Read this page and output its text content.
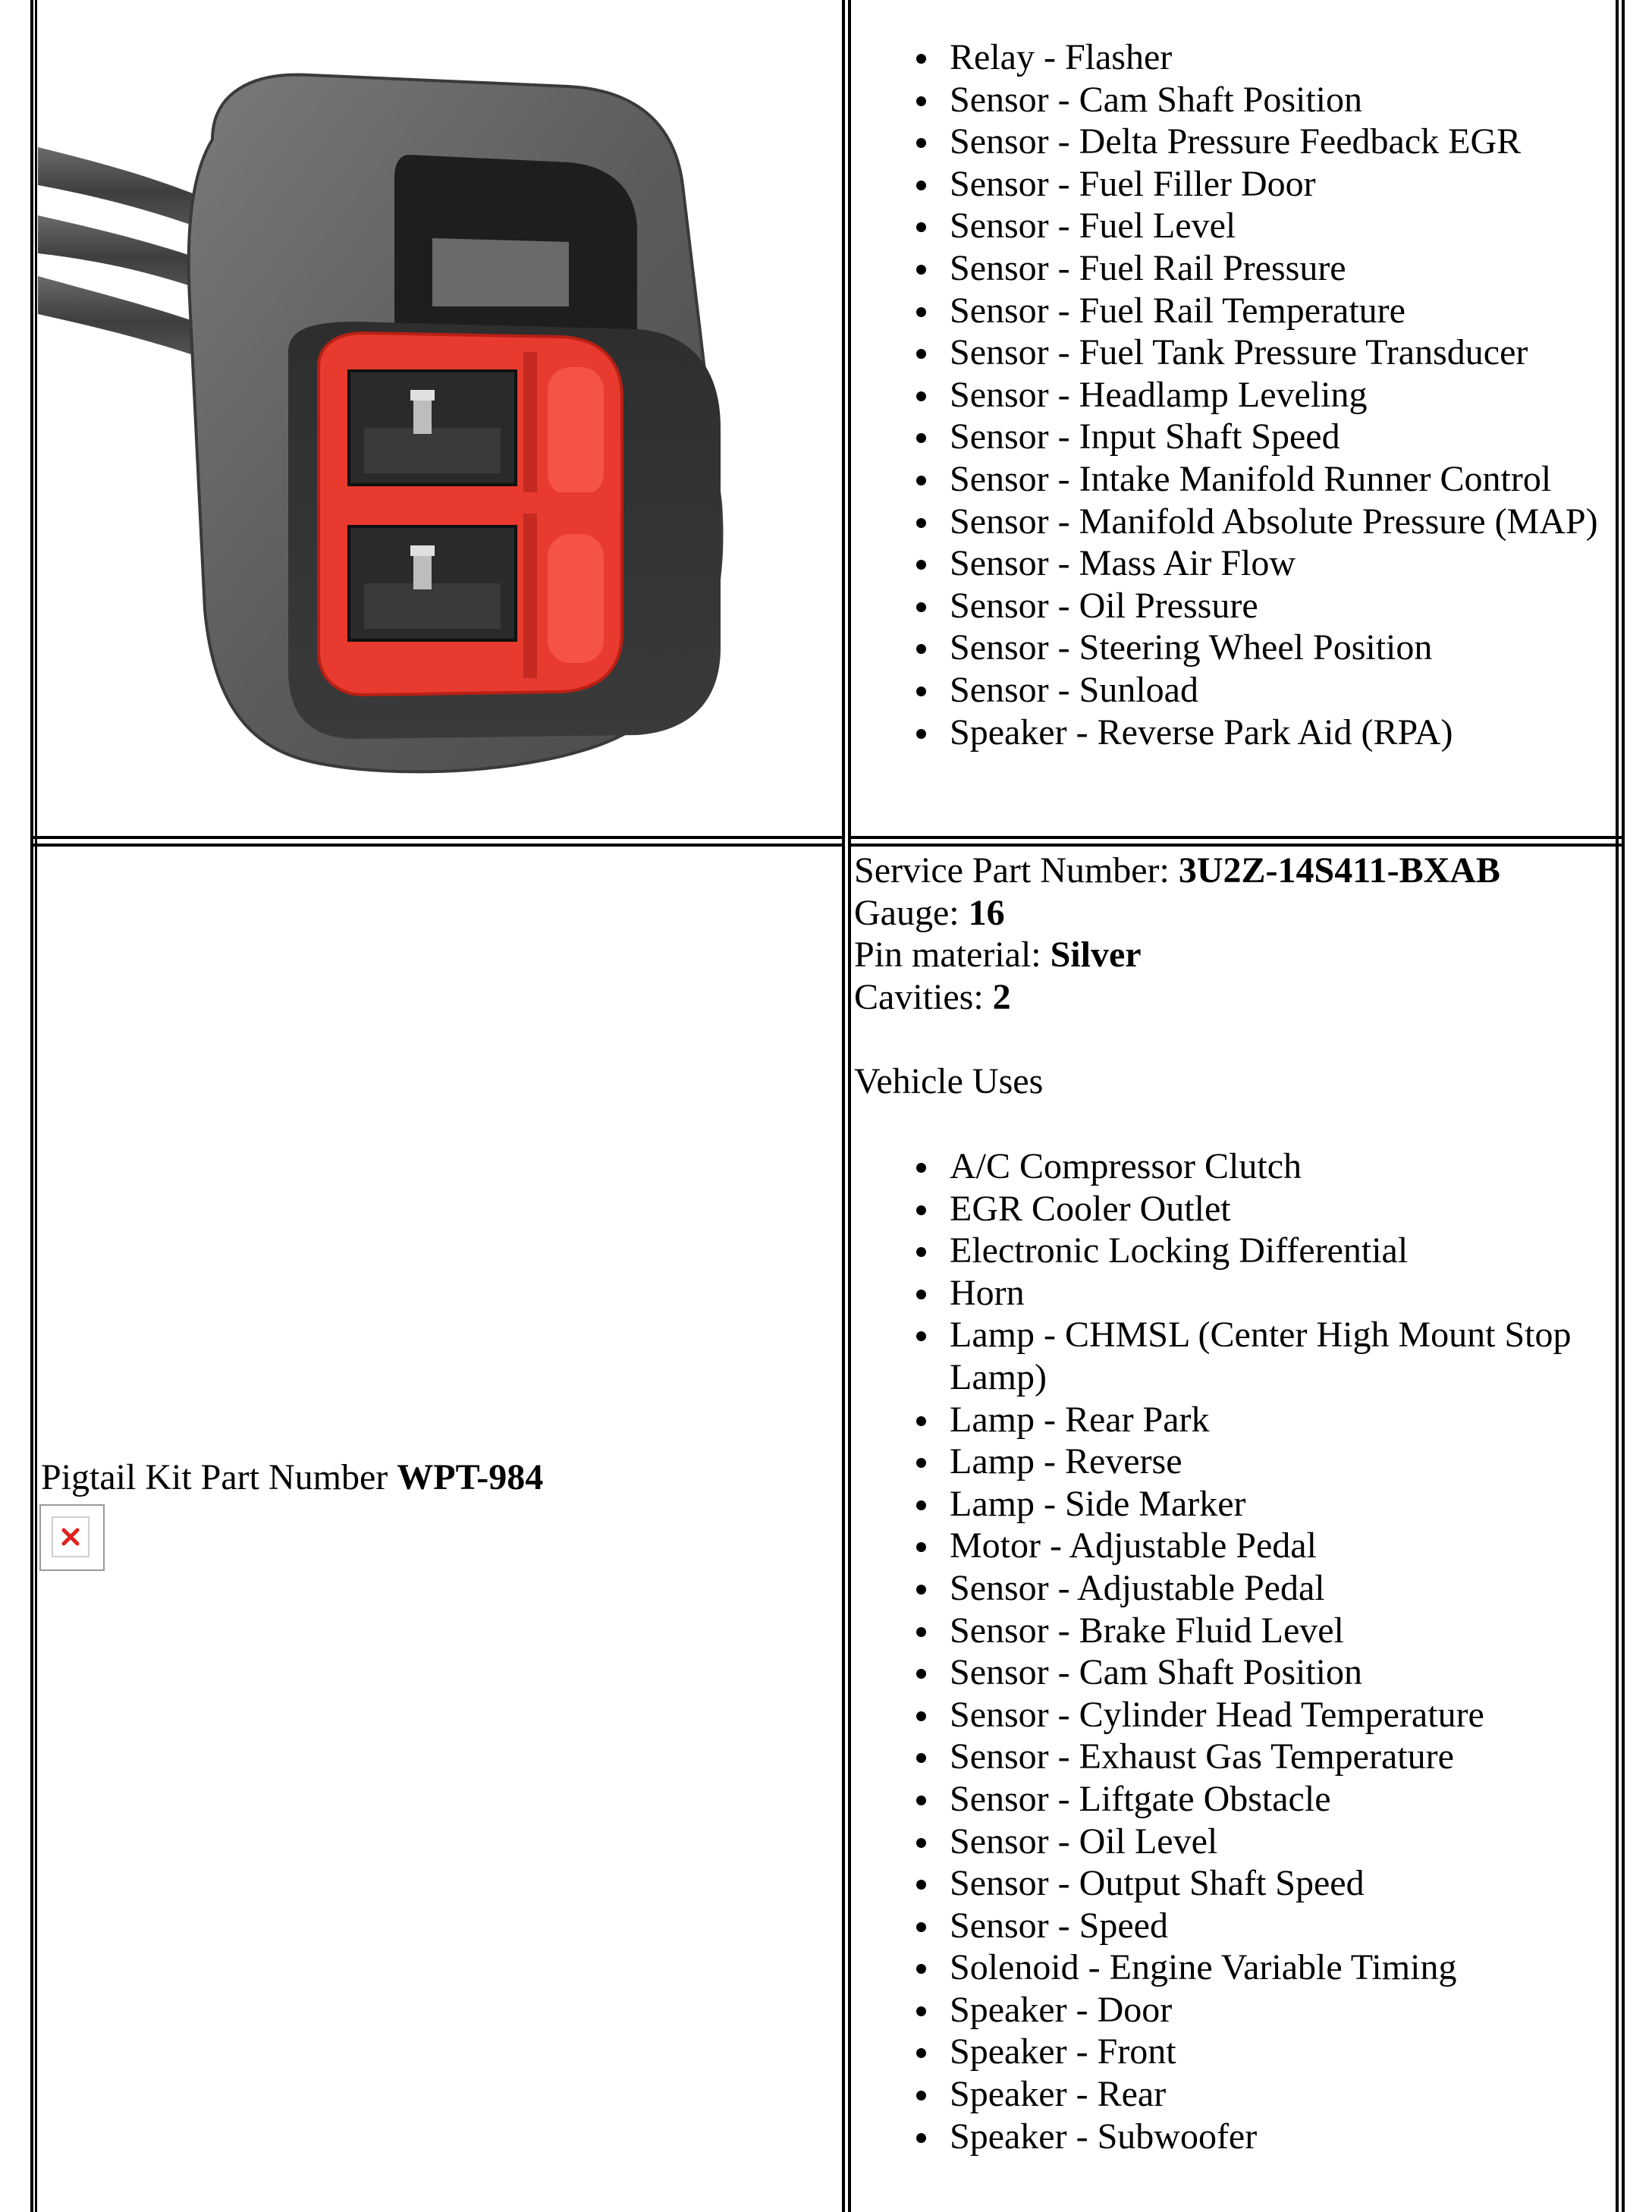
Relay - Flasher
Sensor - Cam Shaft Position
Sensor - Delta Pressure Feedback EGR
Sensor - Fuel Filler Door
Sensor - Fuel Level
Sensor - Fuel Rail Pressure
Sensor - Fuel Rail Temperature
Sensor - Fuel Tank Pressure Transducer
Sensor - Headlamp Leveling
Sensor - Input Shaft Speed
Sensor - Intake Manifold Runner Control
Sensor - Manifold Absolute Pressure (MAP)
Sensor - Mass Air Flow
Sensor - Oil Pressure
Sensor - Steering Wheel Position
Sensor - Sunload
Speaker - Reverse Park Aid (RPA)
Pigtail Kit Part Number WPT-984
Service Part Number: 3U2Z-14S411-BXAB
Gauge: 16
Pin material: Silver
Cavities: 2

Vehicle Uses
A/C Compressor Clutch
EGR Cooler Outlet
Electronic Locking Differential
Horn
Lamp - CHMSL (Center High Mount Stop Lamp)
Lamp - Rear Park
Lamp - Reverse
Lamp - Side Marker
Motor - Adjustable Pedal
Sensor - Adjustable Pedal
Sensor - Brake Fluid Level
Sensor - Cam Shaft Position
Sensor - Cylinder Head Temperature
Sensor - Exhaust Gas Temperature
Sensor - Liftgate Obstacle
Sensor - Oil Level
Sensor - Output Shaft Speed
Sensor - Speed
Solenoid - Engine Variable Timing
Speaker - Door
Speaker - Front
Speaker - Rear
Speaker - Subwoofer
